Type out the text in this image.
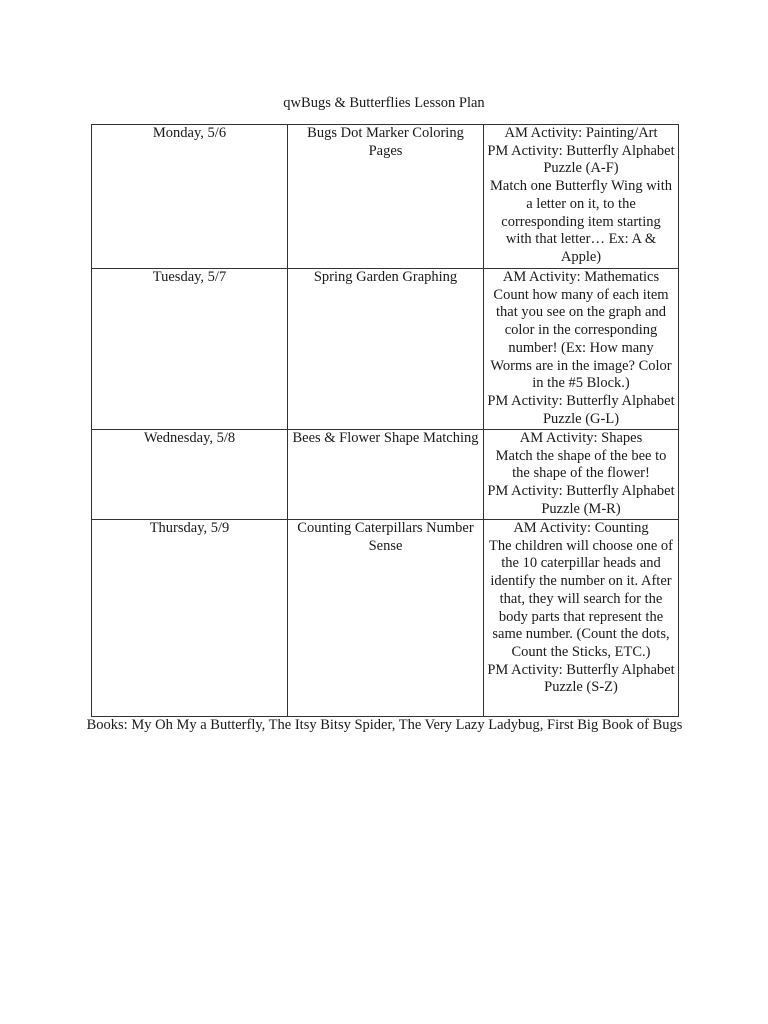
qwBugs & Butterflies Lesson Plan
Monday, 5/6	Bugs Dot Marker Coloring Pages	AM Activity: Painting/Art
PM Activity: Butterfly Alphabet Puzzle (A-F)
Match one Butterfly Wing with a letter on it, to the corresponding item starting with that letter… Ex: A & Apple)

Tuesday, 5/7	Spring Garden Graphing	AM Activity: Mathematics
Count how many of each item that you see on the graph and color in the corresponding number! (Ex: How many Worms are in the image? Color in the #5 Block.)
PM Activity: Butterfly Alphabet Puzzle (G-L)

Wednesday, 5/8	Bees & Flower Shape Matching	AM Activity: Shapes
Match the shape of the bee to the shape of the flower!
PM Activity: Butterfly Alphabet Puzzle (M-R)

Thursday, 5/9	Counting Caterpillars Number Sense	AM Activity: Counting
The children will choose one of the 10 caterpillar heads and identify the number on it. After that, they will search for the body parts that represent the same number. (Count the dots, Count the Sticks, ETC.)
PM Activity: Butterfly Alphabet Puzzle (S-Z)
Books: My Oh My a Butterfly, The Itsy Bitsy Spider, The Very Lazy Ladybug, First Big Book of Bugs
